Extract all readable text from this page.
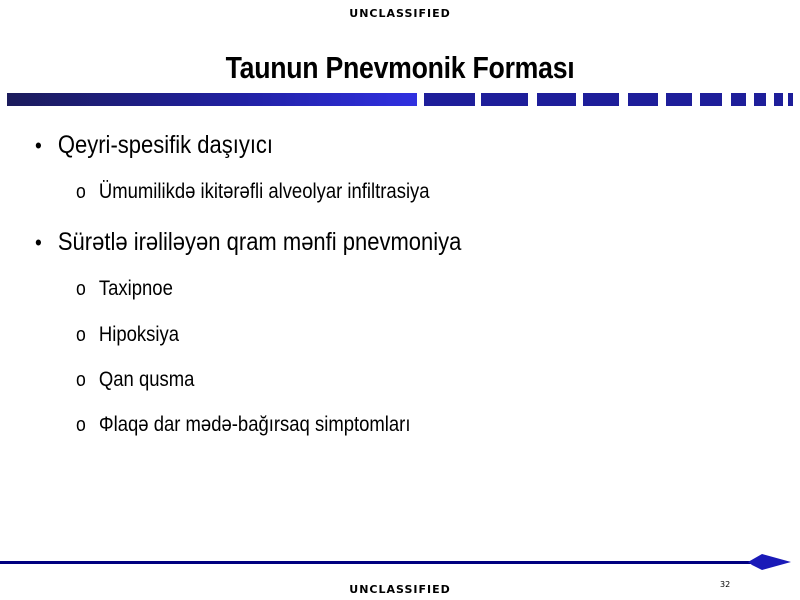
UNCLASSIFIED
Taunun Pnevmonik Forması
• Qeyri-spesifik daşıyıcı
o Ümumilikdə ikitərəfli alveolyar infiltrasiya
• Sürətlə irəliləyən qram mənfi pnevmoniya
o Taxipnoe
o Hipoksiya
o Qan qusma
o Φlaqə dar mədə-bağırsaq simptomları
32
UNCLASSIFIED
